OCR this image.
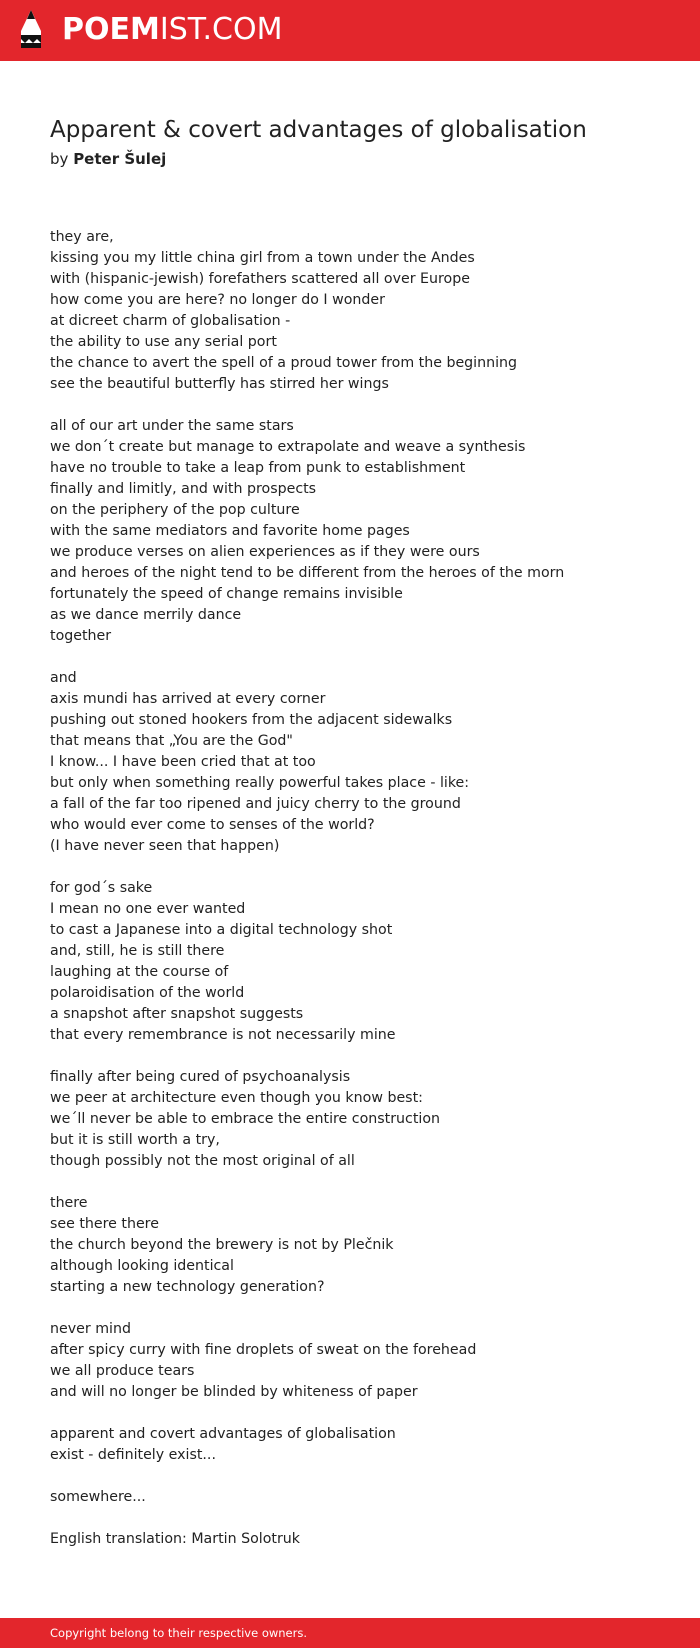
POEMIST.COM
Apparent & covert advantages of globalisation

by Peter Šulej

they are,
kissing you my little china girl from a town under the Andes
with (hispanic-jewish) forefathers scattered all over Europe
how come you are here? no longer do I wonder
at dicreet charm of globalisation -
the ability to use any serial port
the chance to avert the spell of a proud tower from the beginning
see the beautiful butterfly has stirred her wings
all of our art under the same stars
we don´t create but manage to extrapolate and weave a synthesis
have no trouble to take a leap from punk to establishment
finally and limitly, and with prospects
on the periphery of the pop culture
with the same mediators and favorite home pages
we produce verses on alien experiences as if they were ours
and heroes of the night tend to be different from the heroes of the morn
fortunately the speed of change remains invisible
as we dance merrily dance
together
and
axis mundi has arrived at every corner
pushing out stoned hookers from the adjacent sidewalks
that means that „You are the God"
I know... I have been cried that at too
but only when something really powerful takes place - like:
a fall of the far too ripened and juicy cherry to the ground
who would ever come to senses of the world?
(I have never seen that happen)
for god´s sake
I mean no one ever wanted
to cast a Japanese into a digital technology shot
and, still, he is still there
laughing at the course of
polaroidisation of the world
a snapshot after snapshot suggests
that every remembrance is not necessarily mine
finally after being cured of psychoanalysis
we peer at architecture even though you know best:
we´ll never be able to embrace the entire construction
but it is still worth a try,
though possibly not the most original of all
there
see there there
the church beyond the brewery is not by Plečnik
although looking identical
starting a new technology generation?
never mind
after spicy curry with fine droplets of sweat on the forehead
we all produce tears
and will no longer be blinded by whiteness of paper
apparent and covert advantages of globalisation
exist - definitely exist...
somewhere...
English translation: Martin Solotruk
Copyright belong to their respective owners.
